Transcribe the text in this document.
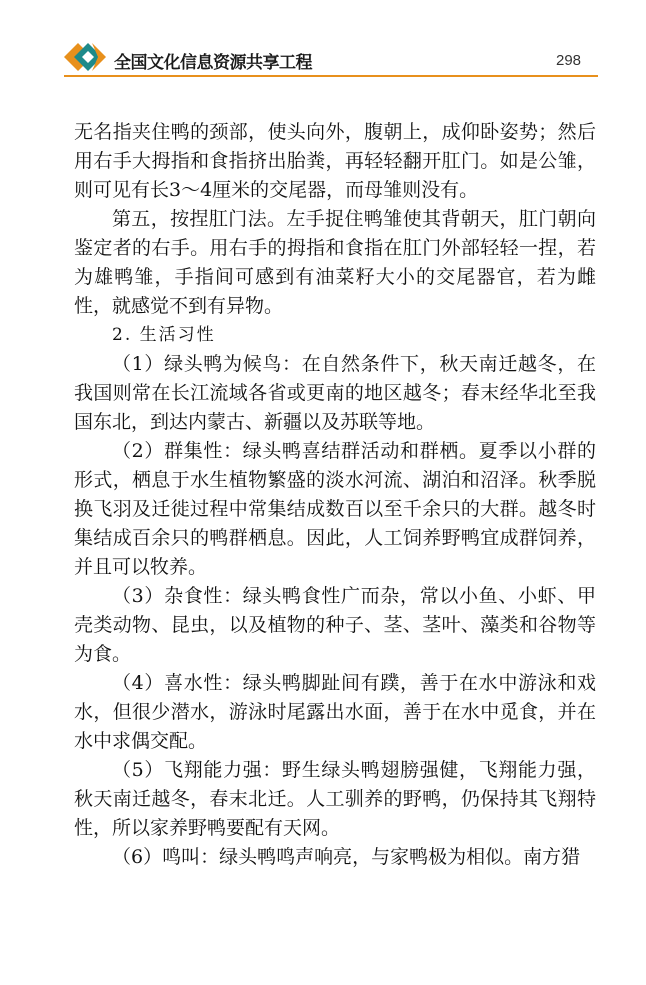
全国文化信息资源共享工程	298

无名指夹住鸭的颈部，使头向外，腹朝上，成仰卧姿势；然后用右手大拇指和食指挤出胎粪，再轻轻翻开肛门。如是公雏，则可见有长3～4厘米的交尾器，而母雏则没有。

第五，按捏肛门法。左手捉住鸭雏使其背朝天，肛门朝向鉴定者的右手。用右手的拇指和食指在肛门外部轻轻一捏，若为雄鸭雏，手指间可感到有油菜籽大小的交尾器官，若为雌性，就感觉不到有异物。

2. 生活习性

（1）绿头鸭为候鸟：在自然条件下，秋天南迁越冬，在我国则常在长江流域各省或更南的地区越冬；春末经华北至我国东北，到达内蒙古、新疆以及苏联等地。

（2）群集性：绿头鸭喜结群活动和群栖。夏季以小群的形式，栖息于水生植物繁盛的淡水河流、湖泊和沼泽。秋季脱换飞羽及迁徙过程中常集结成数百以至千余只的大群。越冬时集结成百余只的鸭群栖息。因此，人工饲养野鸭宜成群饲养，并且可以牧养。

（3）杂食性：绿头鸭食性广而杂，常以小鱼、小虾、甲壳类动物、昆虫，以及植物的种子、茎、茎叶、藻类和谷物等为食。

（4）喜水性：绿头鸭脚趾间有蹼，善于在水中游泳和戏水，但很少潜水，游泳时尾露出水面，善于在水中觅食，并在水中求偶交配。

（5）飞翔能力强：野生绿头鸭翅膀强健，飞翔能力强，秋天南迁越冬，春末北迁。人工驯养的野鸭，仍保持其飞翔特性，所以家养野鸭要配有天网。

（6）鸣叫：绿头鸭鸣声响亮，与家鸭极为相似。南方猎
